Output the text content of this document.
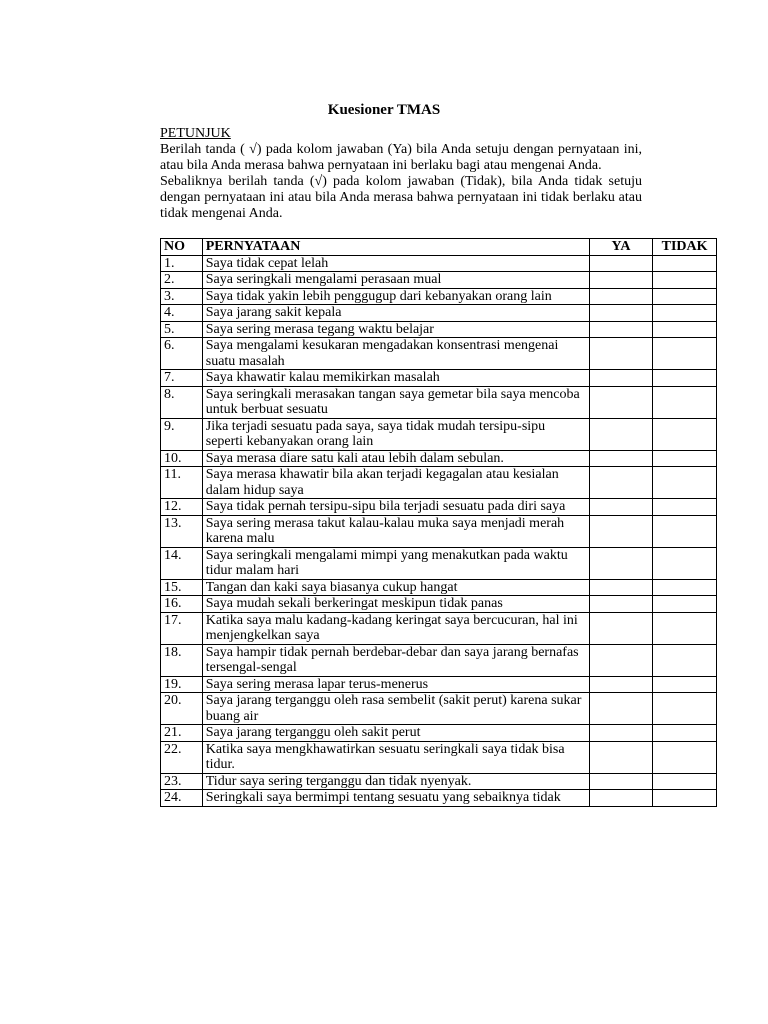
Kuesioner TMAS
PETUNJUK

Berilah tanda ( √) pada kolom jawaban (Ya) bila Anda setuju dengan pernyataan ini, atau bila Anda merasa bahwa pernyataan ini berlaku bagi atau mengenai Anda.

Sebaliknya berilah tanda (√) pada kolom jawaban (Tidak), bila Anda tidak setuju dengan pernyataan ini atau bila Anda merasa bahwa pernyataan ini tidak berlaku atau tidak mengenai Anda.

NO	PERNYATAAN	YA	TIDAK
1.	Saya tidak cepat lelah		
2.	Saya seringkali mengalami perasaan mual		
3.	Saya tidak yakin lebih penggugup dari kebanyakan orang lain		
4.	Saya jarang sakit kepala		
5.	Saya sering merasa tegang waktu belajar		
6.	Saya mengalami kesukaran mengadakan konsentrasi mengenai suatu masalah		
7.	Saya khawatir kalau memikirkan masalah		
8.	Saya seringkali merasakan tangan saya gemetar bila saya mencoba untuk berbuat sesuatu		
9.	Jika terjadi sesuatu pada saya, saya tidak mudah tersipu-sipu seperti kebanyakan orang lain		
10.	Saya merasa diare satu kali atau lebih dalam sebulan.		
11.	Saya merasa khawatir bila akan terjadi kegagalan atau kesialan dalam hidup saya		
12.	Saya tidak pernah tersipu-sipu bila terjadi sesuatu pada diri saya		
13.	Saya sering merasa takut kalau-kalau muka saya menjadi merah karena malu		
14.	Saya seringkali mengalami mimpi yang menakutkan pada waktu tidur malam hari		
15.	Tangan dan kaki saya biasanya cukup hangat		
16.	Saya mudah sekali berkeringat meskipun tidak panas		
17.	Katika saya malu kadang-kadang keringat saya bercucuran, hal ini menjengkelkan saya		
18.	Saya hampir tidak pernah berdebar-debar dan saya jarang bernafas tersengal-sengal		
19.	Saya sering merasa lapar terus-menerus		
20.	Saya jarang terganggu oleh rasa sembelit (sakit perut) karena sukar buang air		
21.	Saya jarang terganggu oleh sakit perut		
22.	Katika saya mengkhawatirkan sesuatu seringkali saya tidak bisa tidur.		
23.	Tidur saya sering terganggu dan tidak nyenyak.		
24.	Seringkali saya bermimpi tentang sesuatu yang sebaiknya tidak		
